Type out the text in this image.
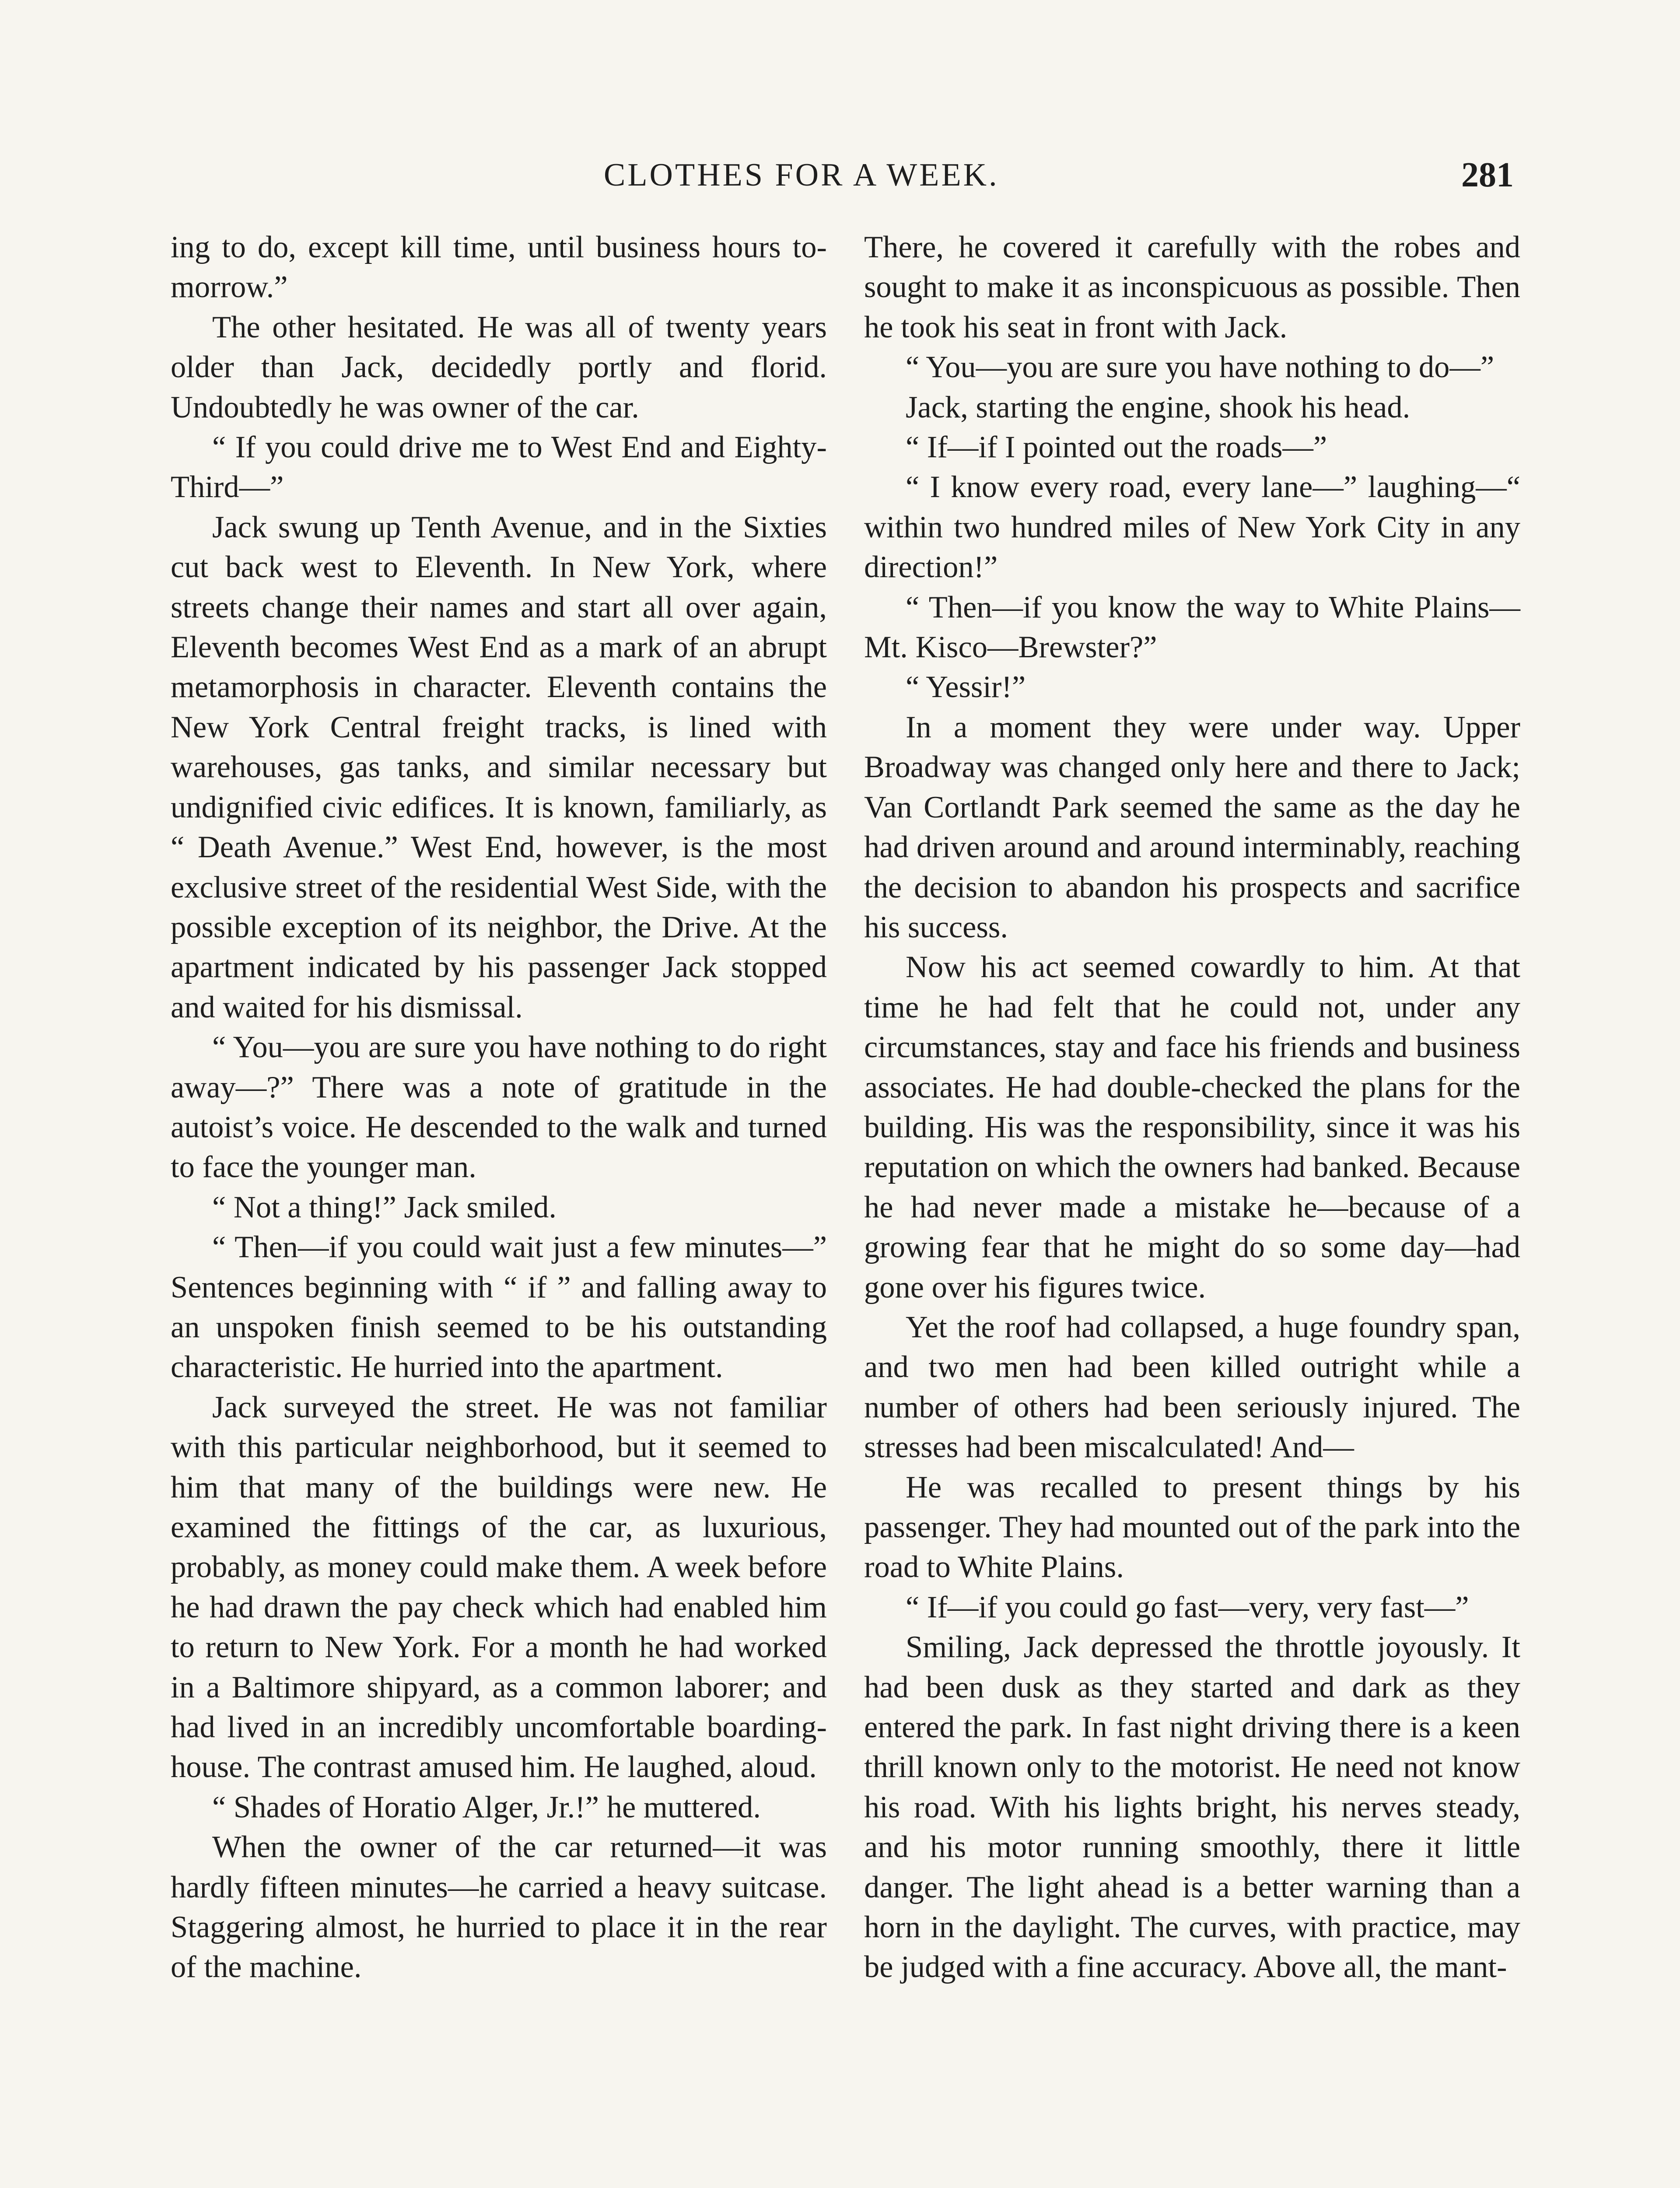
CLOTHES FOR A WEEK.	281

ing to do, except kill time, until business hours to-morrow.”

The other hesitated. He was all of twenty years older than Jack, decidedly portly and florid. Undoubtedly he was owner of the car.

“ If you could drive me to West End and Eighty-Third—”

Jack swung up Tenth Avenue, and in the Sixties cut back west to Eleventh. In New York, where streets change their names and start all over again, Eleventh becomes West End as a mark of an abrupt metamorphosis in character. Eleventh contains the New York Central freight tracks, is lined with warehouses, gas tanks, and similar necessary but undignified civic edifices. It is known, familiarly, as “ Death Avenue.” West End, however, is the most exclusive street of the residential West Side, with the possible exception of its neighbor, the Drive. At the apartment indicated by his passenger Jack stopped and waited for his dismissal.

“ You—you are sure you have nothing to do right away—?” There was a note of gratitude in the autoist’s voice. He descended to the walk and turned to face the younger man.

“ Not a thing!” Jack smiled.

“ Then—if you could wait just a few minutes—” Sentences beginning with “ if ” and falling away to an unspoken finish seemed to be his outstanding characteristic. He hurried into the apartment.

Jack surveyed the street. He was not familiar with this particular neighborhood, but it seemed to him that many of the buildings were new. He examined the fittings of the car, as luxurious, probably, as money could make them. A week before he had drawn the pay check which had enabled him to return to New York. For a month he had worked in a Baltimore shipyard, as a common laborer; and had lived in an incredibly uncomfortable boarding-house. The contrast amused him. He laughed, aloud.

“ Shades of Horatio Alger, Jr.!” he muttered.

When the owner of the car returned—it was hardly fifteen minutes—he carried a heavy suitcase. Staggering almost, he hurried to place it in the rear of the machine.

There, he covered it carefully with the robes and sought to make it as inconspicuous as possible. Then he took his seat in front with Jack.

“ You—you are sure you have nothing to do—”

Jack, starting the engine, shook his head.

“ If—if I pointed out the roads—”

“ I know every road, every lane—” laughing—“ within two hundred miles of New York City in any direction!”

“ Then—if you know the way to White Plains—Mt. Kisco—Brewster?”

“ Yessir!”

In a moment they were under way. Upper Broadway was changed only here and there to Jack; Van Cortlandt Park seemed the same as the day he had driven around and around interminably, reaching the decision to abandon his prospects and sacrifice his success.

Now his act seemed cowardly to him. At that time he had felt that he could not, under any circumstances, stay and face his friends and business associates. He had double-checked the plans for the building. His was the responsibility, since it was his reputation on which the owners had banked. Because he had never made a mistake he—because of a growing fear that he might do so some day—had gone over his figures twice.

Yet the roof had collapsed, a huge foundry span, and two men had been killed outright while a number of others had been seriously injured. The stresses had been miscalculated! And—

He was recalled to present things by his passenger. They had mounted out of the park into the road to White Plains.

“ If—if you could go fast—very, very fast—”

Smiling, Jack depressed the throttle joyously. It had been dusk as they started and dark as they entered the park. In fast night driving there is a keen thrill known only to the motorist. He need not know his road. With his lights bright, his nerves steady, and his motor running smoothly, there it little danger. The light ahead is a better warning than a horn in the daylight. The curves, with practice, may be judged with a fine accuracy. Above all, the mant-
